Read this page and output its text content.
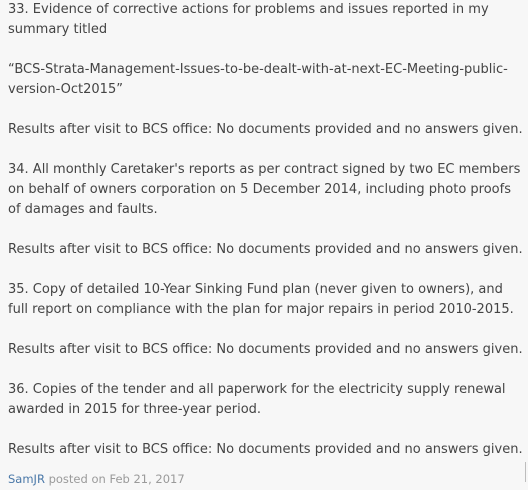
33. Evidence of corrective actions for problems and issues reported in my summary titled

“BCS-Strata-Management-Issues-to-be-dealt-with-at-next-EC-Meeting-public-version-Oct2015”

Results after visit to BCS office: No documents provided and no answers given.

34. All monthly Caretaker's reports as per contract signed by two EC members on behalf of owners corporation on 5 December 2014, including photo proofs of damages and faults.

Results after visit to BCS office: No documents provided and no answers given.

35. Copy of detailed 10-Year Sinking Fund plan (never given to owners), and full report on compliance with the plan for major repairs in period 2010-2015.

Results after visit to BCS office: No documents provided and no answers given.

36. Copies of the tender and all paperwork for the electricity supply renewal awarded in 2015 for three-year period.

Results after visit to BCS office: No documents provided and no answers given.

SamJR posted on Feb 21, 2017
